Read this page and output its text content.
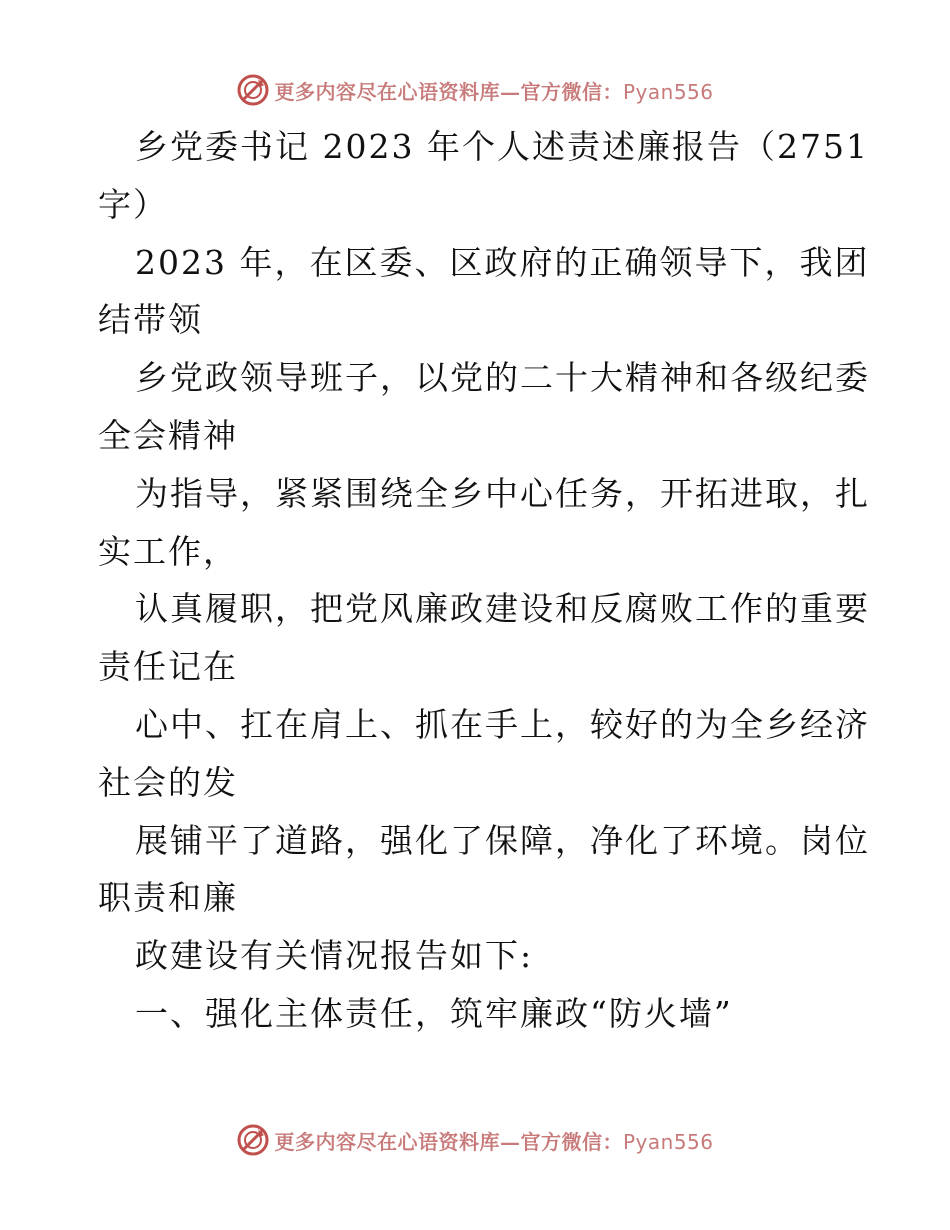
更多内容尽在心语资料库—官方微信：Pyan556
乡党委书记 2023 年个人述责述廉报告（2751
字）
2023 年，在区委、区政府的正确领导下，我团
结带领
乡党政领导班子，以党的二十大精神和各级纪委
全会精神
为指导，紧紧围绕全乡中心任务，开拓进取，扎
实工作，
认真履职，把党风廉政建设和反腐败工作的重要
责任记在
心中、扛在肩上、抓在手上，较好的为全乡经济
社会的发
展铺平了道路，强化了保障，净化了环境。岗位
职责和廉
政建设有关情况报告如下:
一、强化主体责任，筑牢廉政“防火墙”
更多内容尽在心语资料库—官方微信：Pyan556
